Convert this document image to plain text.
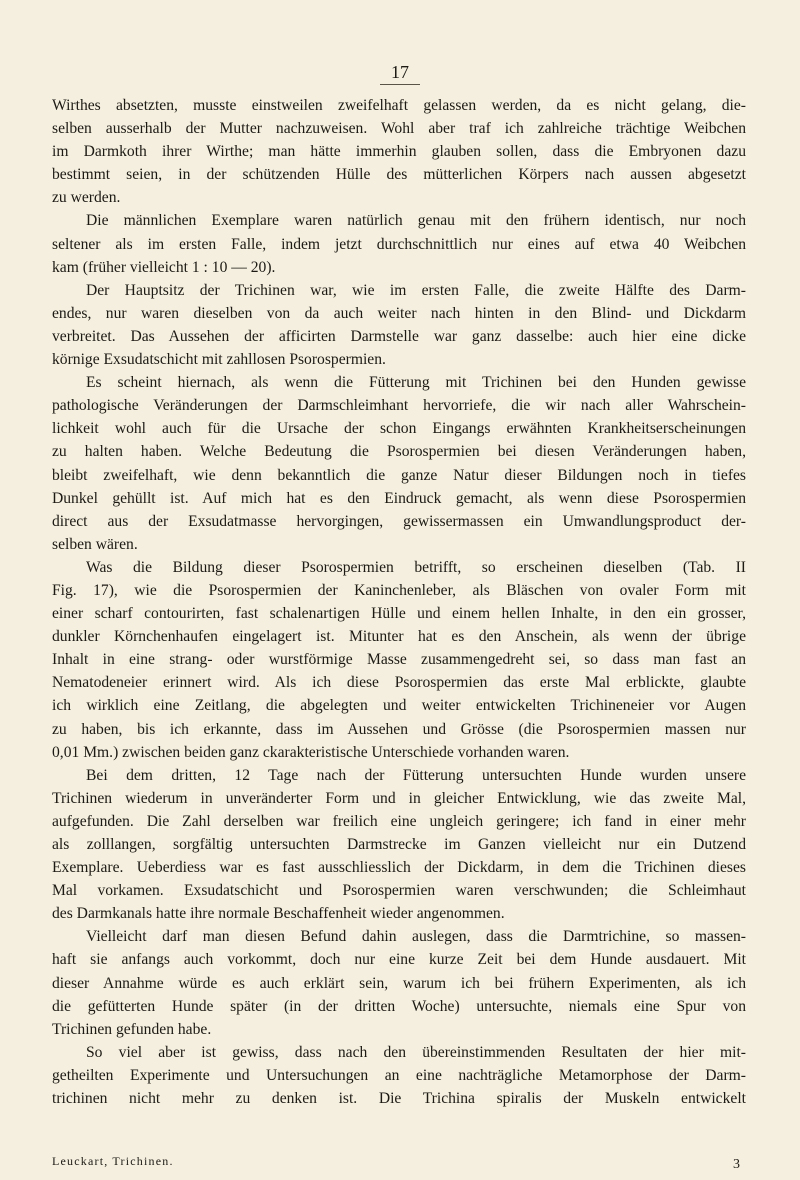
17
Wirthes absetzten, musste einstweilen zweifelhaft gelassen werden, da es nicht gelang, die-
selben ausserhalb der Mutter nachzuweisen. Wohl aber traf ich zahlreiche trächtige Weibchen
im Darmkoth ihrer Wirthe; man hätte immerhin glauben sollen, dass die Embryonen dazu
bestimmt seien, in der schützenden Hülle des mütterlichen Körpers nach aussen abgesetzt
zu werden.
Die männlichen Exemplare waren natürlich genau mit den frühern identisch, nur noch
seltener als im ersten Falle, indem jetzt durchschnittlich nur eines auf etwa 40 Weibchen
kam (früher vielleicht 1 : 10 — 20).
Der Hauptsitz der Trichinen war, wie im ersten Falle, die zweite Hälfte des Darm-
endes, nur waren dieselben von da auch weiter nach hinten in den Blind- und Dickdarm
verbreitet. Das Aussehen der afficirten Darmstelle war ganz dasselbe: auch hier eine dicke
körnige Exsudatschicht mit zahllosen Psorospermien.
Es scheint hiernach, als wenn die Fütterung mit Trichinen bei den Hunden gewisse
pathologische Veränderungen der Darmschleimhant hervorriefe, die wir nach aller Wahrschein-
lichkeit wohl auch für die Ursache der schon Eingangs erwähnten Krankheitserscheinungen
zu halten haben. Welche Bedeutung die Psorospermien bei diesen Veränderungen haben,
bleibt zweifelhaft, wie denn bekanntlich die ganze Natur dieser Bildungen noch in tiefes
Dunkel gehüllt ist. Auf mich hat es den Eindruck gemacht, als wenn diese Psorospermien
direct aus der Exsudatmasse hervorgingen, gewissermassen ein Umwandlungsproduct der-
selben wären.
Was die Bildung dieser Psorospermien betrifft, so erscheinen dieselben (Tab. II
Fig. 17), wie die Psorospermien der Kaninchenleber, als Bläschen von ovaler Form mit
einer scharf contourirten, fast schalenartigen Hülle und einem hellen Inhalte, in den ein grosser,
dunkler Körnchenhaufen eingelagert ist. Mitunter hat es den Anschein, als wenn der übrige
Inhalt in eine strang- oder wurstförmige Masse zusammengedreht sei, so dass man fast an
Nematodeneier erinnert wird. Als ich diese Psorospermien das erste Mal erblickte, glaubte
ich wirklich eine Zeitlang, die abgelegten und weiter entwickelten Trichineneier vor Augen
zu haben, bis ich erkannte, dass im Aussehen und Grösse (die Psorospermien massen nur
0,01 Mm.) zwischen beiden ganz ckarakteristische Unterschiede vorhanden waren.
Bei dem dritten, 12 Tage nach der Fütterung untersuchten Hunde wurden unsere
Trichinen wiederum in unveränderter Form und in gleicher Entwicklung, wie das zweite Mal,
aufgefunden. Die Zahl derselben war freilich eine ungleich geringere; ich fand in einer mehr
als zolllangen, sorgfältig untersuchten Darmstrecke im Ganzen vielleicht nur ein Dutzend
Exemplare. Ueberdiess war es fast ausschliesslich der Dickdarm, in dem die Trichinen dieses
Mal vorkamen. Exsudatschicht und Psorospermien waren verschwunden; die Schleimhaut
des Darmkanals hatte ihre normale Beschaffenheit wieder angenommen.
Vielleicht darf man diesen Befund dahin auslegen, dass die Darmtrichine, so massen-
haft sie anfangs auch vorkommt, doch nur eine kurze Zeit bei dem Hunde ausdauert. Mit
dieser Annahme würde es auch erklärt sein, warum ich bei frühern Experimenten, als ich
die gefütterten Hunde später (in der dritten Woche) untersuchte, niemals eine Spur von
Trichinen gefunden habe.
So viel aber ist gewiss, dass nach den übereinstimmenden Resultaten der hier mit-
getheilten Experimente und Untersuchungen an eine nachträgliche Metamorphose der Darm-
trichinen nicht mehr zu denken ist. Die Trichina spiralis der Muskeln entwickelt
Leuckart, Trichinen.	3
